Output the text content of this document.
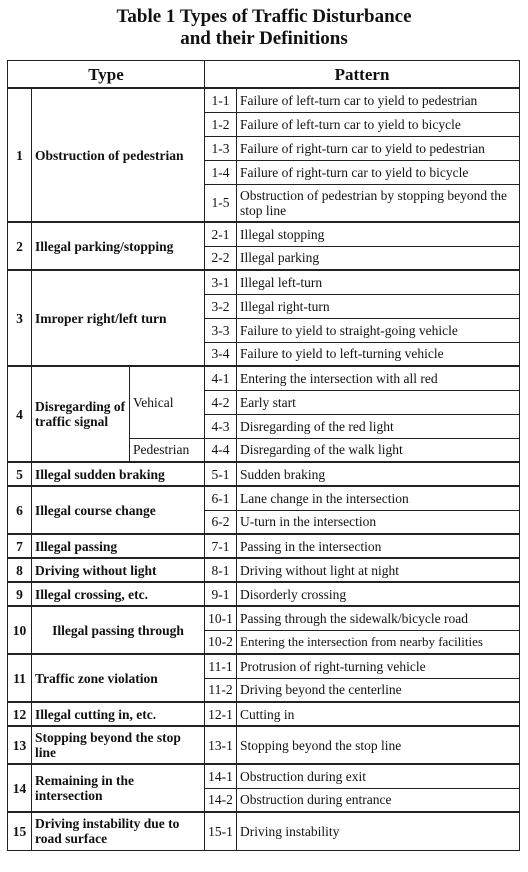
Table 1 Types of Traffic Disturbance
and their Definitions
Type			Pattern	
1	Obstruction of pedestrian		1-1	Failure of left-turn car to yield to pedestrian
			1-2	Failure of left-turn car to yield to bicycle
			1-3	Failure of right-turn car to yield to pedestrian
			1-4	Failure of right-turn car to yield to bicycle
			1-5	Obstruction of pedestrian by stopping beyond the stop line
2	Illegal parking/stopping		2-1	Illegal stopping
			2-2	Illegal parking
3	Imroper right/left turn		3-1	Illegal left-turn
			3-2	Illegal right-turn
			3-3	Failure to yield to straight-going vehicle
			3-4	Failure to yield to left-turning vehicle
4	Disregarding of traffic signal	Vehical	4-1	Entering the intersection with all red
			4-2	Early start
			4-3	Disregarding of the red light
		Pedestrian	4-4	Disregarding of the walk light
5	Illegal sudden braking		5-1	Sudden braking
6	Illegal course change		6-1	Lane change in the intersection
			6-2	U-turn in the intersection
7	Illegal passing		7-1	Passing in the intersection
8	Driving without light		8-1	Driving without light at night
9	Illegal crossing, etc.		9-1	Disorderly crossing
10	Illegal passing through		10-1	Passing through the sidewalk/bicycle road
			10-2	Entering the intersection from nearby facilities
11	Traffic zone violation		11-1	Protrusion of right-turning vehicle
			11-2	Driving beyond the centerline
12	Illegal cutting in, etc.		12-1	Cutting in
13	Stopping beyond the stop line		13-1	Stopping beyond the stop line
14	Remaining in the intersection		14-1	Obstruction during exit
			14-2	Obstruction during entrance
15	Driving instability due to road surface		15-1	Driving instability
